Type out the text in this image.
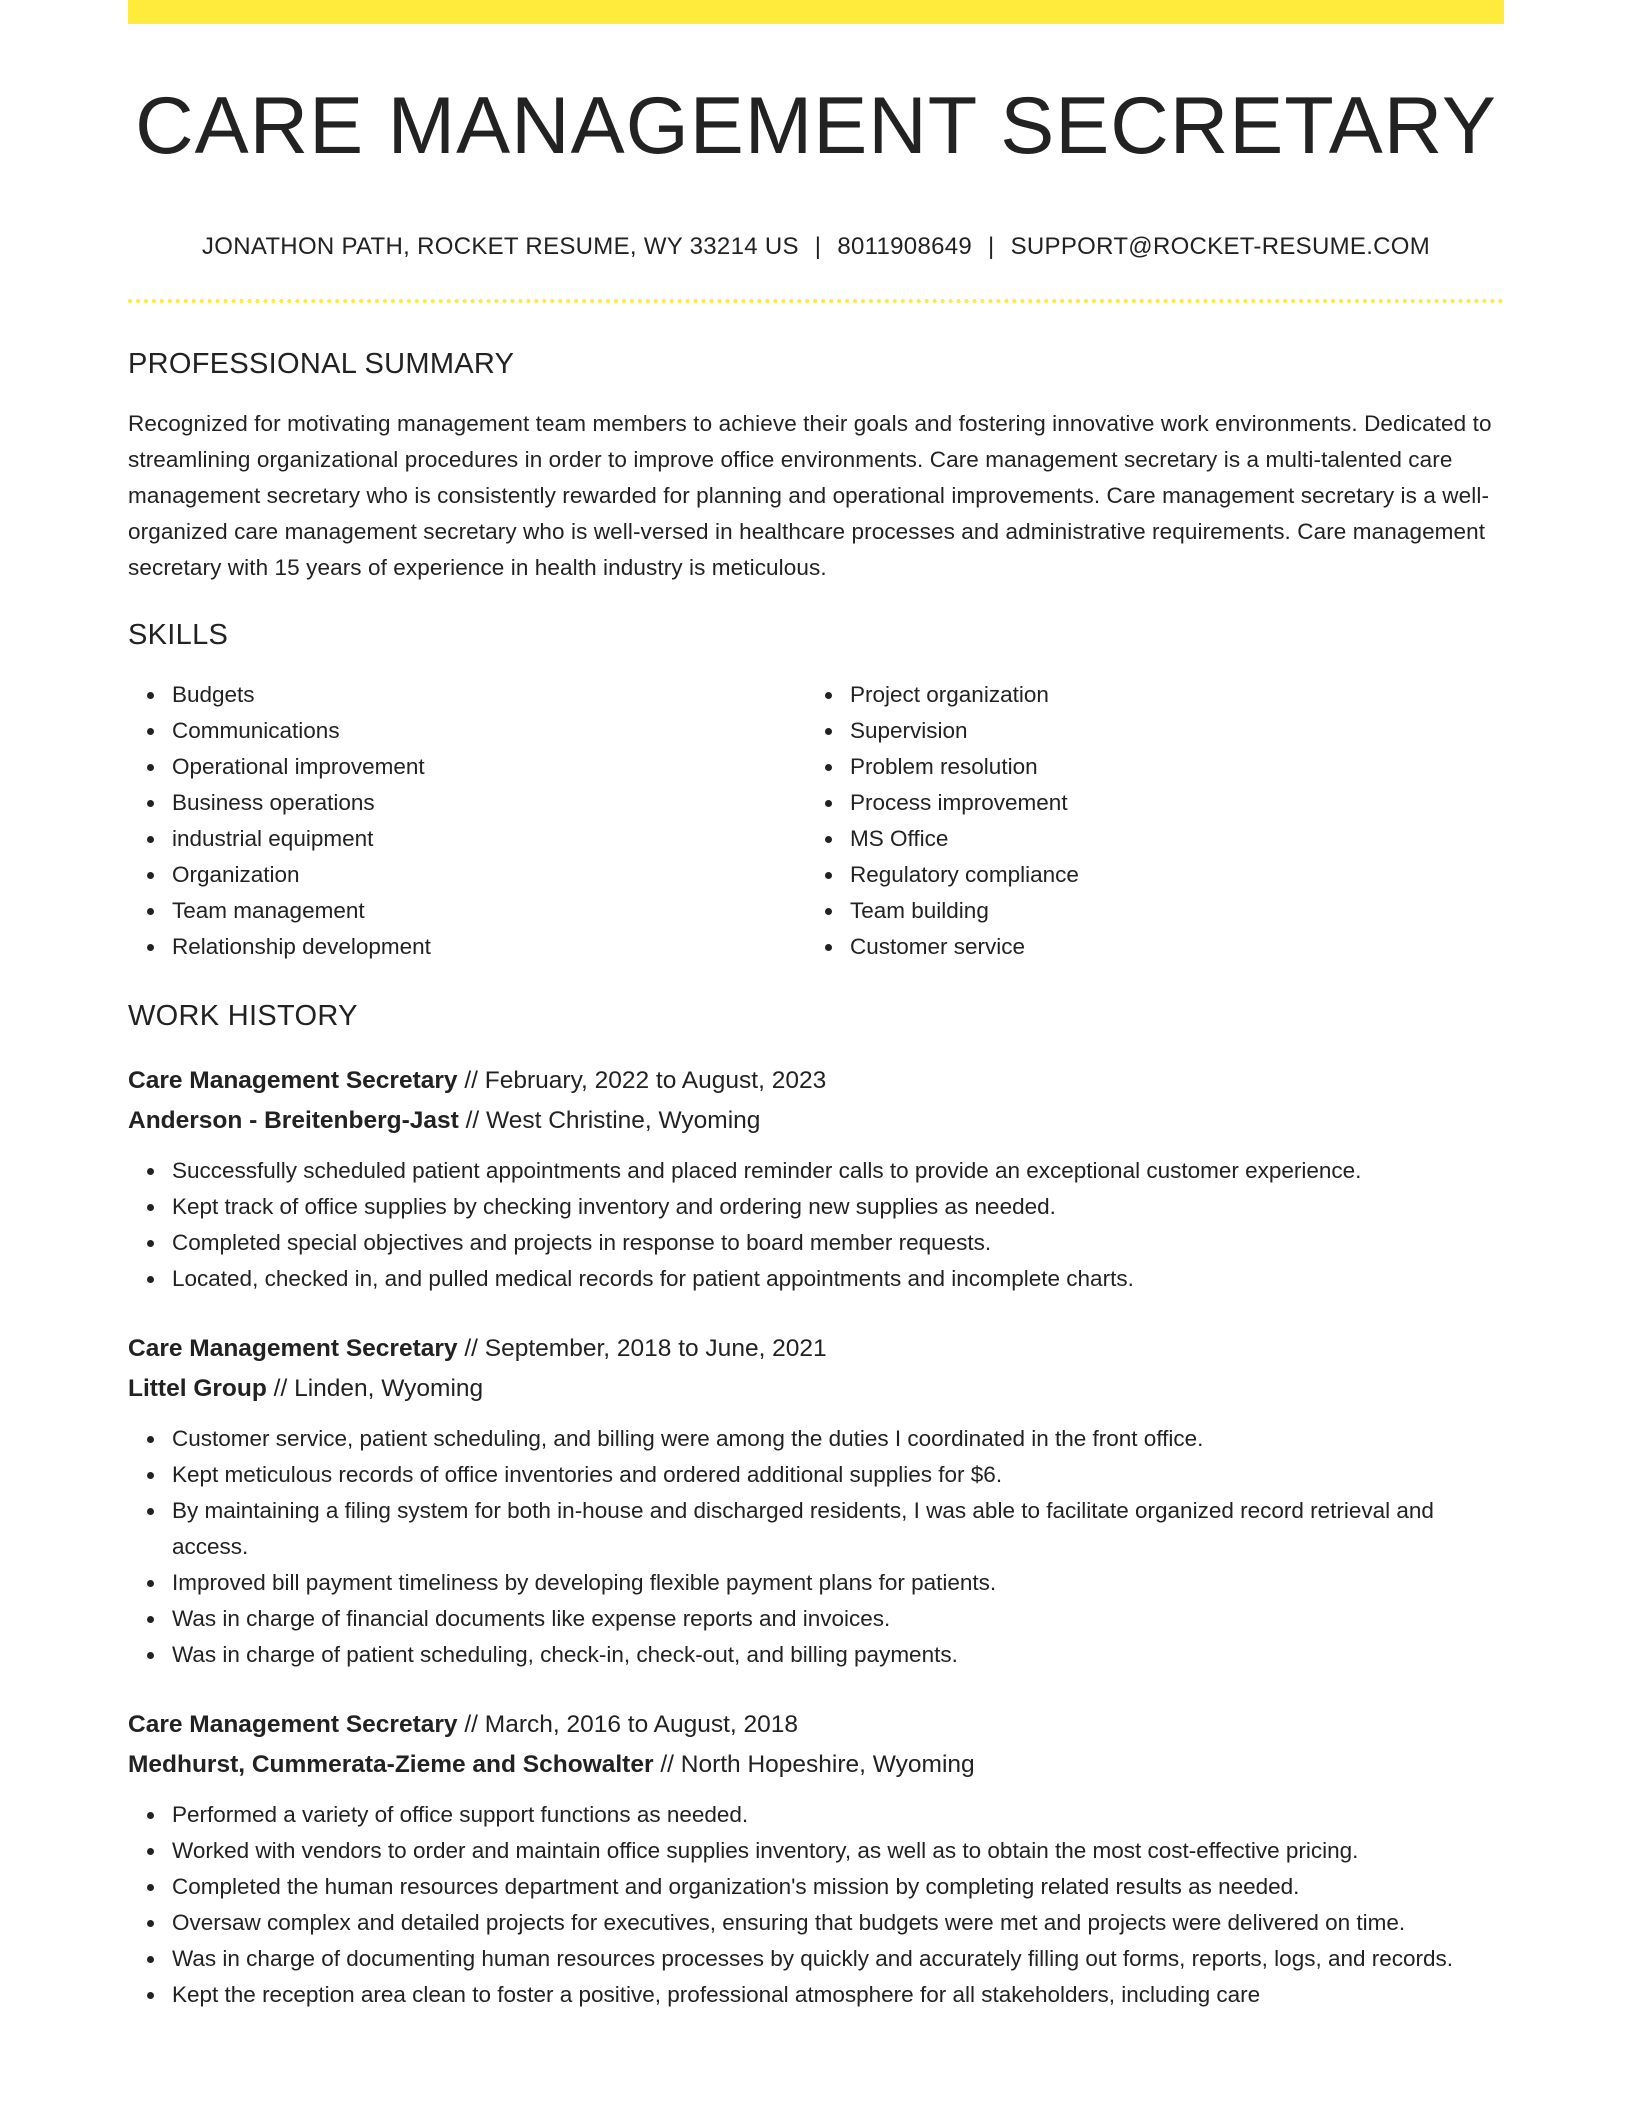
CARE MANAGEMENT SECRETARY
JONATHON PATH, ROCKET RESUME, WY 33214 US | 8011908649 | SUPPORT@ROCKET-RESUME.COM
PROFESSIONAL SUMMARY

Recognized for motivating management team members to achieve their goals and fostering innovative work environments. Dedicated to streamlining organizational procedures in order to improve office environments. Care management secretary is a multi-talented care management secretary who is consistently rewarded for planning and operational improvements. Care management secretary is a well-organized care management secretary who is well-versed in healthcare processes and administrative requirements. Care management secretary with 15 years of experience in health industry is meticulous.

SKILLS
Budgets
Communications
Operational improvement
Business operations
industrial equipment
Organization
Team management
Relationship development
Project organization
Supervision
Problem resolution
Process improvement
MS Office
Regulatory compliance
Team building
Customer service
WORK HISTORY
Care Management Secretary // February, 2022 to August, 2023
Anderson - Breitenberg-Jast // West Christine, Wyoming
Successfully scheduled patient appointments and placed reminder calls to provide an exceptional customer experience.
Kept track of office supplies by checking inventory and ordering new supplies as needed.
Completed special objectives and projects in response to board member requests.
Located, checked in, and pulled medical records for patient appointments and incomplete charts.
Care Management Secretary // September, 2018 to June, 2021
Littel Group // Linden, Wyoming
Customer service, patient scheduling, and billing were among the duties I coordinated in the front office.
Kept meticulous records of office inventories and ordered additional supplies for $6.
By maintaining a filing system for both in-house and discharged residents, I was able to facilitate organized record retrieval and access.
Improved bill payment timeliness by developing flexible payment plans for patients.
Was in charge of financial documents like expense reports and invoices.
Was in charge of patient scheduling, check-in, check-out, and billing payments.
Care Management Secretary // March, 2016 to August, 2018
Medhurst, Cummerata-Zieme and Schowalter // North Hopeshire, Wyoming
Performed a variety of office support functions as needed.
Worked with vendors to order and maintain office supplies inventory, as well as to obtain the most cost-effective pricing.
Completed the human resources department and organization's mission by completing related results as needed.
Oversaw complex and detailed projects for executives, ensuring that budgets were met and projects were delivered on time.
Was in charge of documenting human resources processes by quickly and accurately filling out forms, reports, logs, and records.
Kept the reception area clean to foster a positive, professional atmosphere for all stakeholders, including care
